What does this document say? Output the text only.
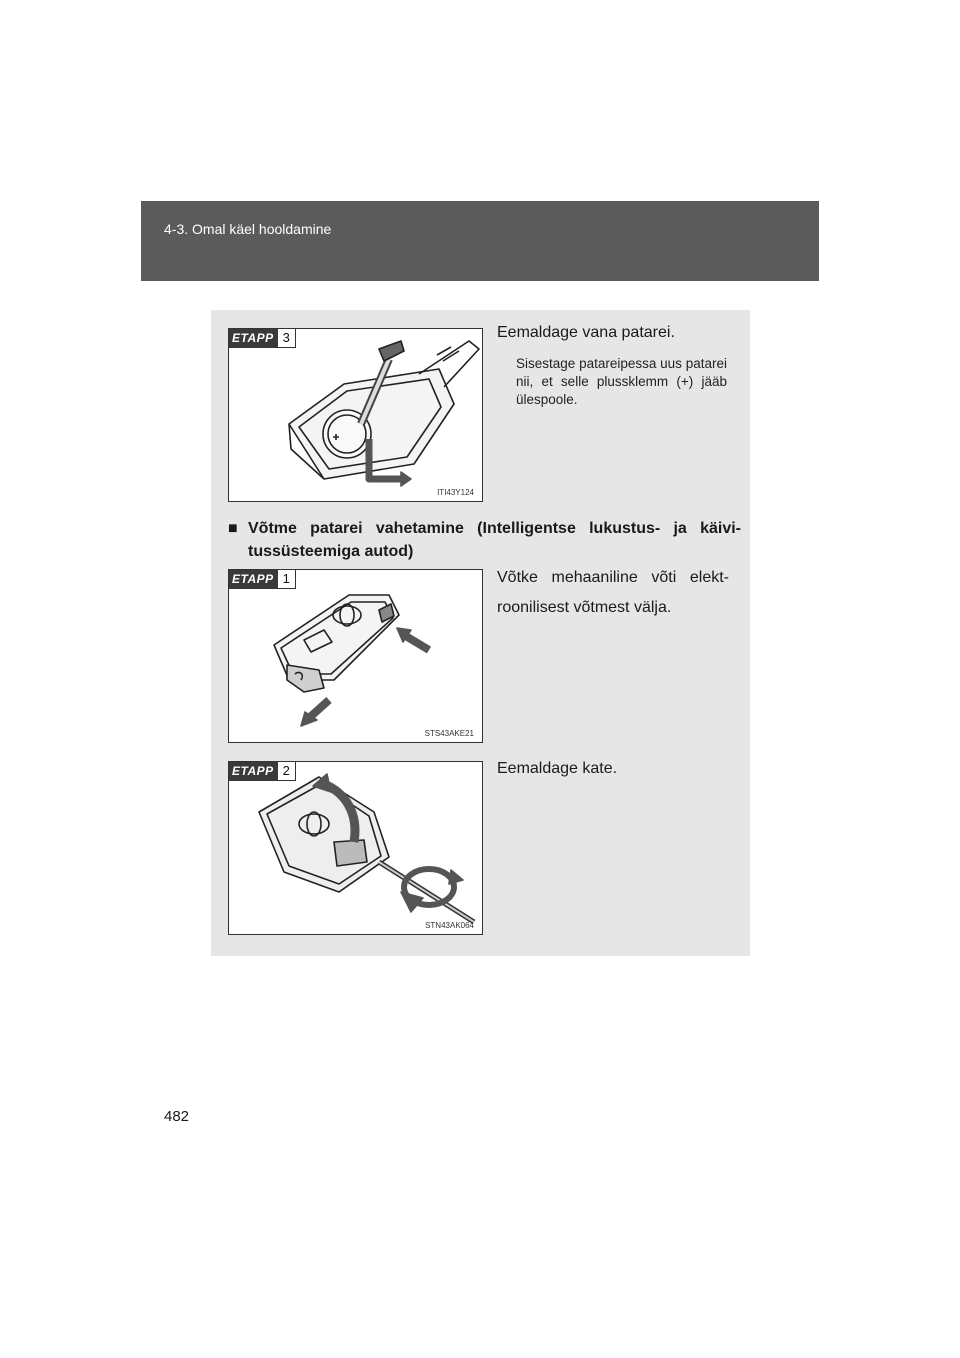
4-3. Omal käel hooldamine
ETAPP 3
ITI43Y124
Eemaldage vana patarei.
Sisestage patareipessa uus patarei nii, et selle plussklemm (+) jääb ülespoole.
■ Võtme patarei vahetamine (Intelligentse lukustus- ja käivi-tussüsteemiga autod)
ETAPP 1
STS43AKE21
Võtke mehaaniline võti elekt-roonilisest võtmest välja.
ETAPP 2
STN43AK064
Eemaldage kate.
482
